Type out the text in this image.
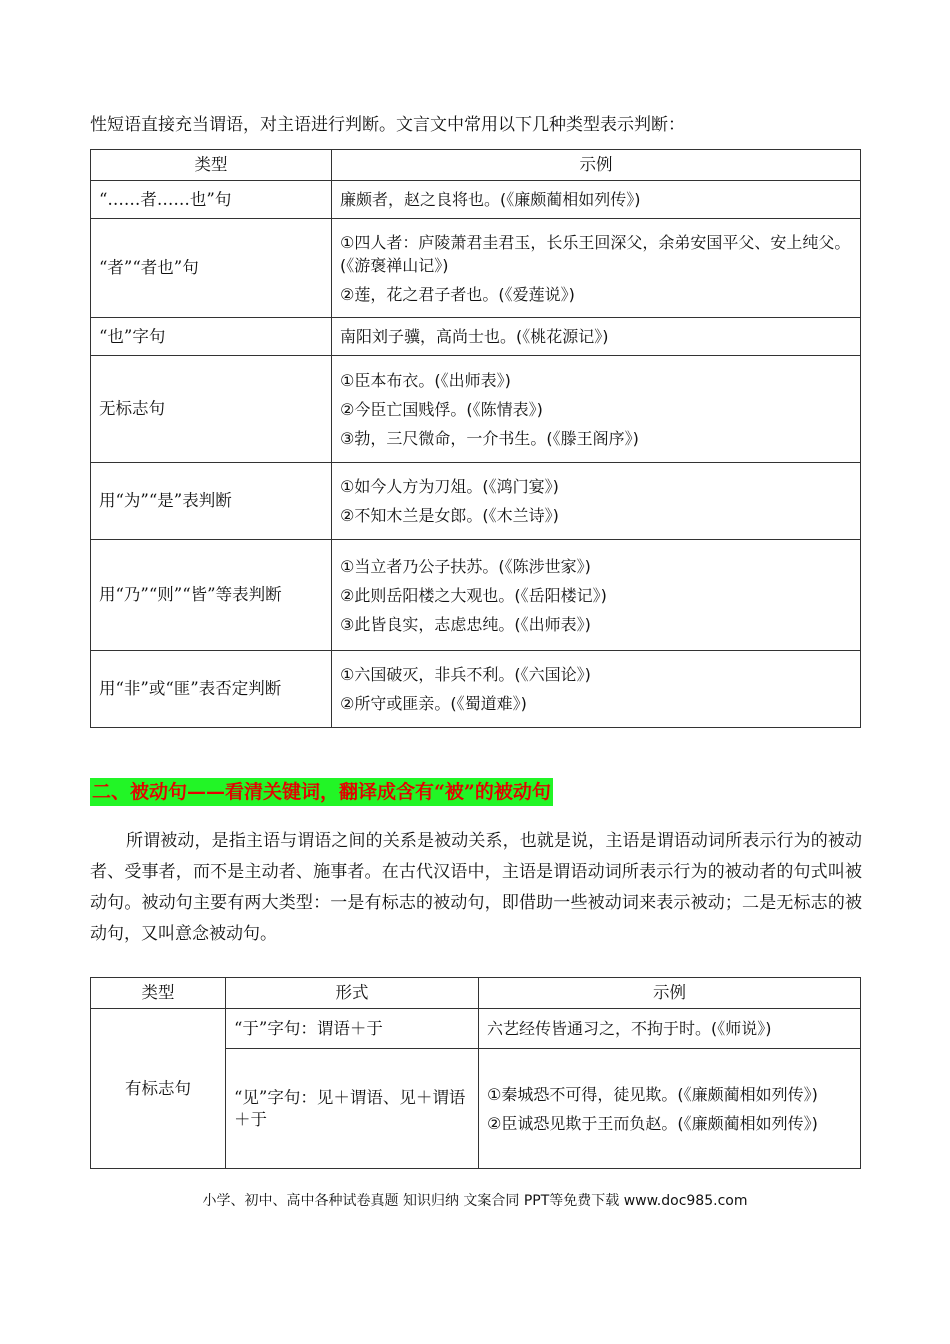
性短语直接充当谓语，对主语进行判断。文言文中常用以下几种类型表示判断：
类型	示例
“……者……也”句	廉颇者，赵之良将也。(《廉颇蔺相如列传》)

“者”“者也”句	①四人者：庐陵萧君圭君玉，长乐王回深父，余弟安国平父、安上纯父。(《游褒禅山记》)
②莲，花之君子者也。(《爱莲说》)

“也”字句	南阳刘子骥，高尚士也。(《桃花源记》)

无标志句	①臣本布衣。(《出师表》)
②今臣亡国贱俘。(《陈情表》)
③勃，三尺微命，一介书生。(《滕王阁序》)

用“为”“是”表判断	①如今人方为刀俎。(《鸿门宴》)
②不知木兰是女郎。(《木兰诗》)

用“乃”“则”“皆”等表判断	①当立者乃公子扶苏。(《陈涉世家》)
②此则岳阳楼之大观也。(《岳阳楼记》)
③此皆良实，志虑忠纯。(《出师表》)

用“非”或“匪”表否定判断	①六国破灭，非兵不利。(《六国论》)
②所守或匪亲。(《蜀道难》)
二、被动句——看清关键词，翻译成含有“被”的被动句
所谓被动，是指主语与谓语之间的关系是被动关系，也就是说，主语是谓语动词所表示行为的被动者、受事者，而不是主动者、施事者。在古代汉语中，主语是谓语动词所表示行为的被动者的句式叫被动句。被动句主要有两大类型：一是有标志的被动句，即借助一些被动词来表示被动；二是无标志的被动句，又叫意念被动句。
类型	形式	示例
有标志句	“于”字句：谓语＋于	六艺经传皆通习之，不拘于时。(《师说》)

	“见”字句：见＋谓语、见＋谓语＋于	①秦城恐不可得，徒见欺。(《廉颇蔺相如列传》)
②臣诚恐见欺于王而负赵。(《廉颇蔺相如列传》)
小学、初中、高中各种试卷真题 知识归纳 文案合同 PPT等免费下载 www.doc985.com
